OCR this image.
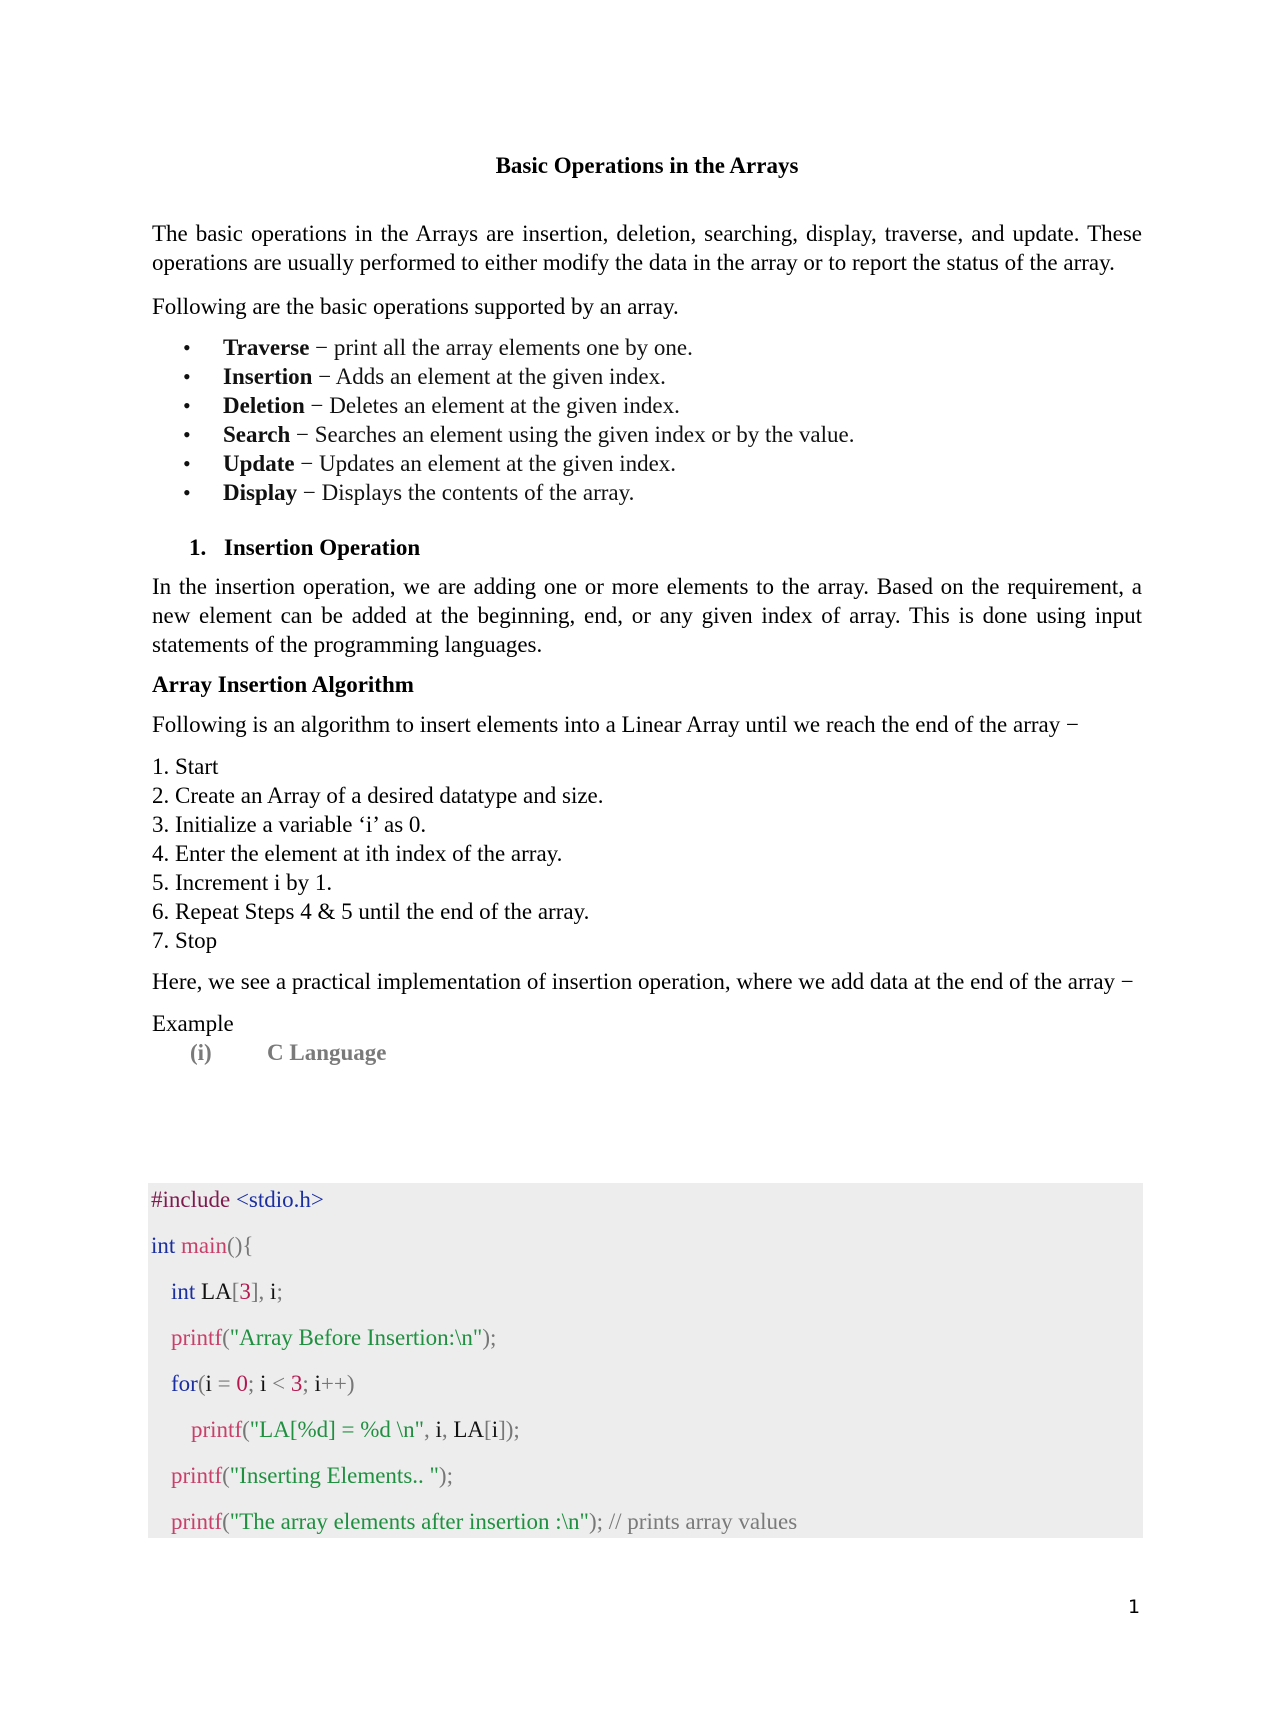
Basic Operations in the Arrays

The basic operations in the Arrays are insertion, deletion, searching, display, traverse, and update. These operations are usually performed to either modify the data in the array or to report the status of the array.

Following are the basic operations supported by an array.

• Traverse − print all the array elements one by one.
• Insertion − Adds an element at the given index.
• Deletion − Deletes an element at the given index.
• Search − Searches an element using the given index or by the value.
• Update − Updates an element at the given index.
• Display − Displays the contents of the array.
1. Insertion Operation

In the insertion operation, we are adding one or more elements to the array. Based on the requirement, a new element can be added at the beginning, end, or any given index of array. This is done using input statements of the programming languages.

Array Insertion Algorithm

Following is an algorithm to insert elements into a Linear Array until we reach the end of the array −

1. Start
2. Create an Array of a desired datatype and size.
3. Initialize a variable ‘i’ as 0.
4. Enter the element at ith index of the array.
5. Increment i by 1.
6. Repeat Steps 4 & 5 until the end of the array.
7. Stop

Here, we see a practical implementation of insertion operation, where we add data at the end of the array −

Example

(i) C Language
#include <stdio.h>
int main(){
int LA[3], i;
printf("Array Before Insertion:\n");
for(i = 0; i < 3; i++)
printf("LA[%d] = %d \n", i, LA[i]);
printf("Inserting Elements.. ");
printf("The array elements after insertion :\n"); // prints array values
1
